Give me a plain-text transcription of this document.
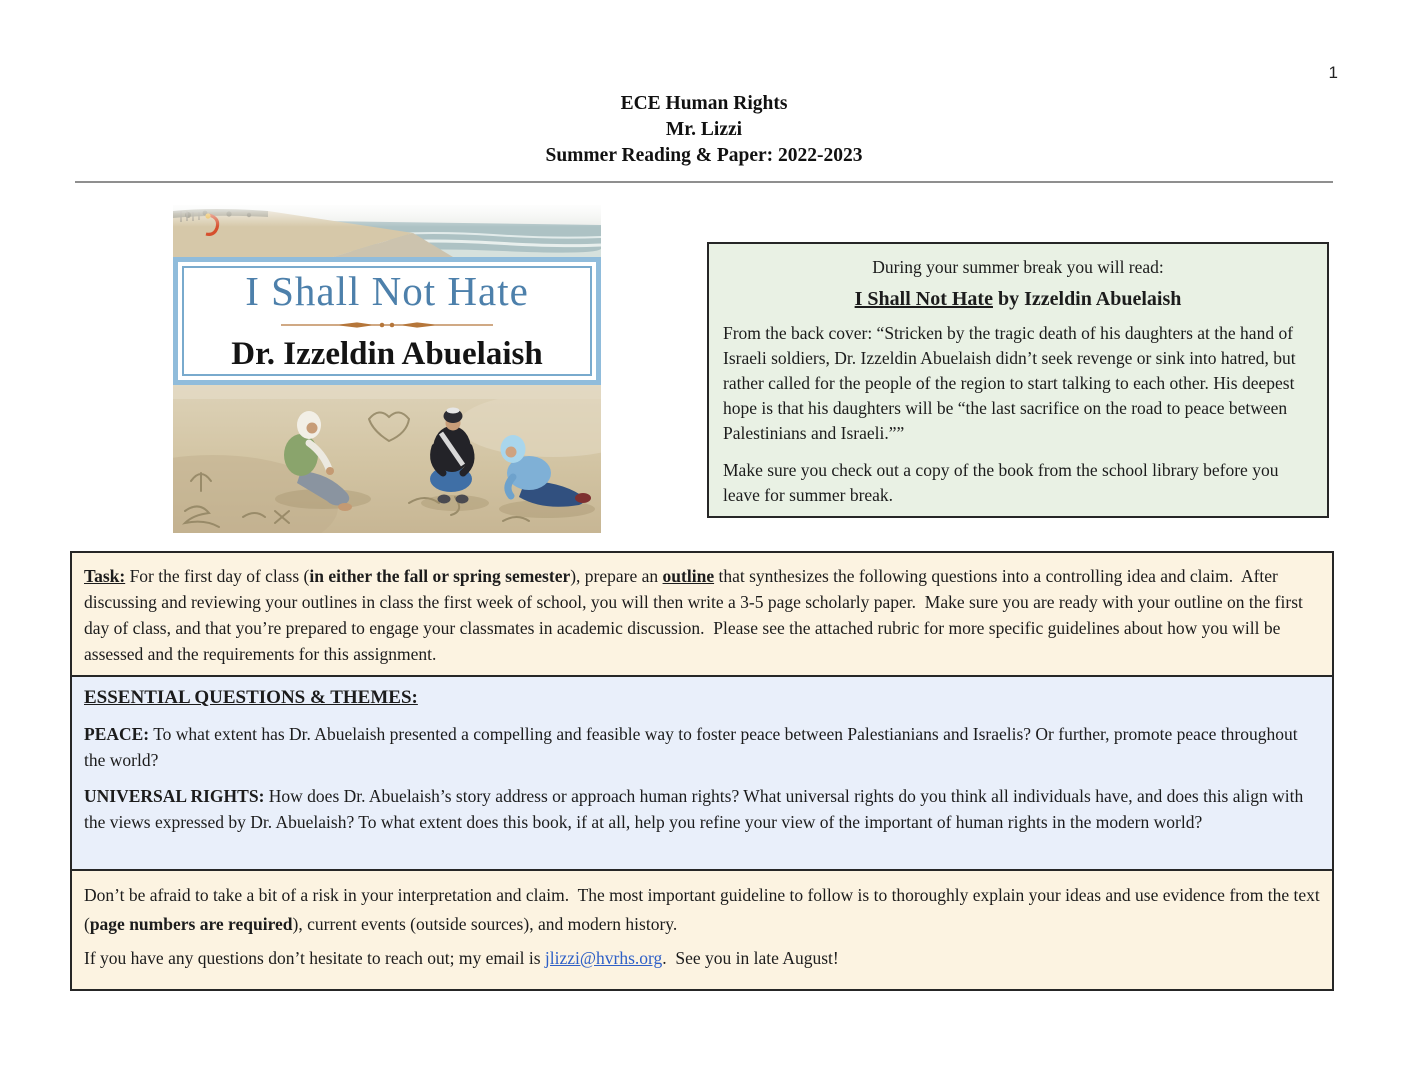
1
ECE Human Rights
Mr. Lizzi
Summer Reading & Paper: 2022-2023
I Shall Not Hate
Dr. Izzeldin Abuelaish

During your summer break you will read:

I Shall Not Hate by Izzeldin Abuelaish

From the back cover: “Stricken by the tragic death of his daughters at the hand of Israeli soldiers, Dr. Izzeldin Abuelaish didn’t seek revenge or sink into hatred, but rather called for the people of the region to start talking to each other. His deepest hope is that his daughters will be “the last sacrifice on the road to peace between Palestinians and Israeli.””

Make sure you check out a copy of the book from the school library before you leave for summer break.

Task: For the first day of class (in either the fall or spring semester), prepare an outline that synthesizes the following questions into a controlling idea and claim.  After discussing and reviewing your outlines in class the first week of school, you will then write a 3-5 page scholarly paper.  Make sure you are ready with your outline on the first day of class, and that you’re prepared to engage your classmates in academic discussion.  Please see the attached rubric for more specific guidelines about how you will be assessed and the requirements for this assignment.

ESSENTIAL QUESTIONS & THEMES:

PEACE: To what extent has Dr. Abuelaish presented a compelling and feasible way to foster peace between Palestianians and Israelis? Or further, promote peace throughout the world?

UNIVERSAL RIGHTS: How does Dr. Abuelaish’s story address or approach human rights? What universal rights do you think all individuals have, and does this align with the views expressed by Dr. Abuelaish? To what extent does this book, if at all, help you refine your view of the important of human rights in the modern world?

Don’t be afraid to take a bit of a risk in your interpretation and claim.  The most important guideline to follow is to thoroughly explain your ideas and use evidence from the text (page numbers are required), current events (outside sources), and modern history.

If you have any questions don’t hesitate to reach out; my email is jlizzi@hvrhs.org.  See you in late August!
